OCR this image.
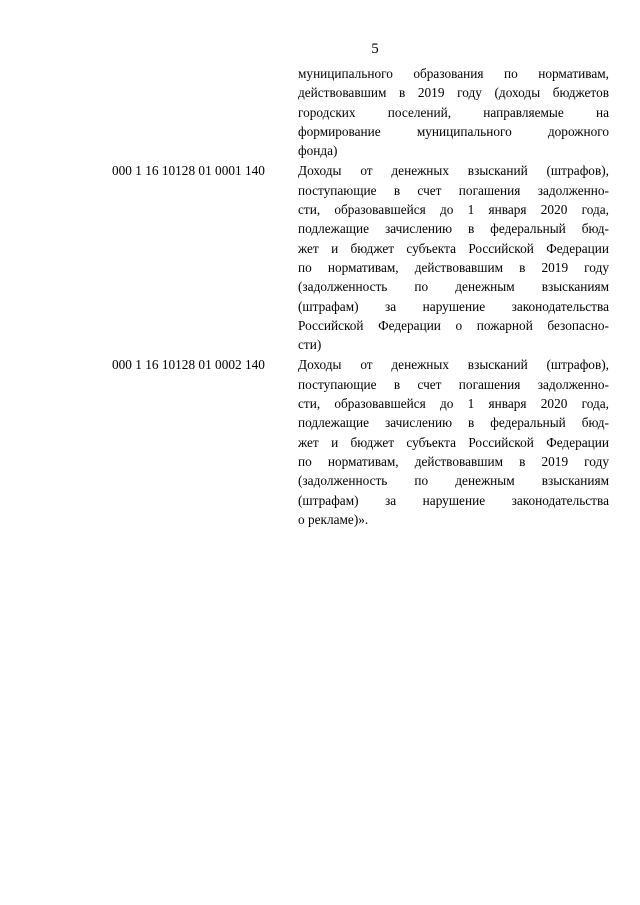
5
муниципального образования по нормативам,
действовавшим в 2019 году (доходы бюджетов
городских поселений, направляемые на
формирование муниципального дорожного
фонда)
000 1 16 10128 01 0001 140	Доходы от денежных взысканий (штрафов),
поступающие в счет погашения задолженно-
сти, образовавшейся до 1 января 2020 года,
подлежащие зачислению в федеральный бюд-
жет и бюджет субъекта Российской Федерации
по нормативам, действовавшим в 2019 году
(задолженность по денежным взысканиям
(штрафам) за нарушение законодательства
Российской Федерации о пожарной безопасно-
сти)
000 1 16 10128 01 0002 140	Доходы от денежных взысканий (штрафов),
поступающие в счет погашения задолженно-
сти, образовавшейся до 1 января 2020 года,
подлежащие зачислению в федеральный бюд-
жет и бюджет субъекта Российской Федерации
по нормативам, действовавшим в 2019 году
(задолженность по денежным взысканиям
(штрафам) за нарушение законодательства
о рекламе)».
